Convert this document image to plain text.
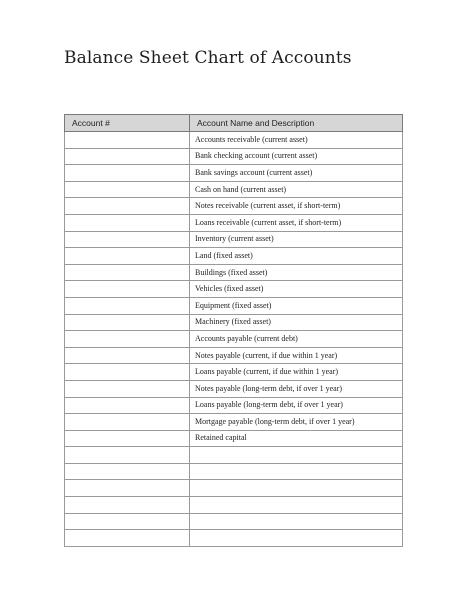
Balance Sheet Chart of Accounts
Account #	Account Name and Description
	Accounts receivable (current asset)
	Bank checking account (current asset)
	Bank savings account (current asset)
	Cash on hand (current asset)
	Notes receivable (current asset, if short-term)
	Loans receivable (current asset, if short-term)
	Inventory (current asset)
	Land (fixed asset)
	Buildings (fixed asset)
	Vehicles (fixed asset)
	Equipment (fixed asset)
	Machinery (fixed asset)
	Accounts payable (current debt)
	Notes payable (current, if due within 1 year)
	Loans payable (current, if due within 1 year)
	Notes payable (long-term debt, if over 1 year)
	Loans payable (long-term debt, if over 1 year)
	Mortgage payable (long-term debt, if over 1 year)
	Retained capital
